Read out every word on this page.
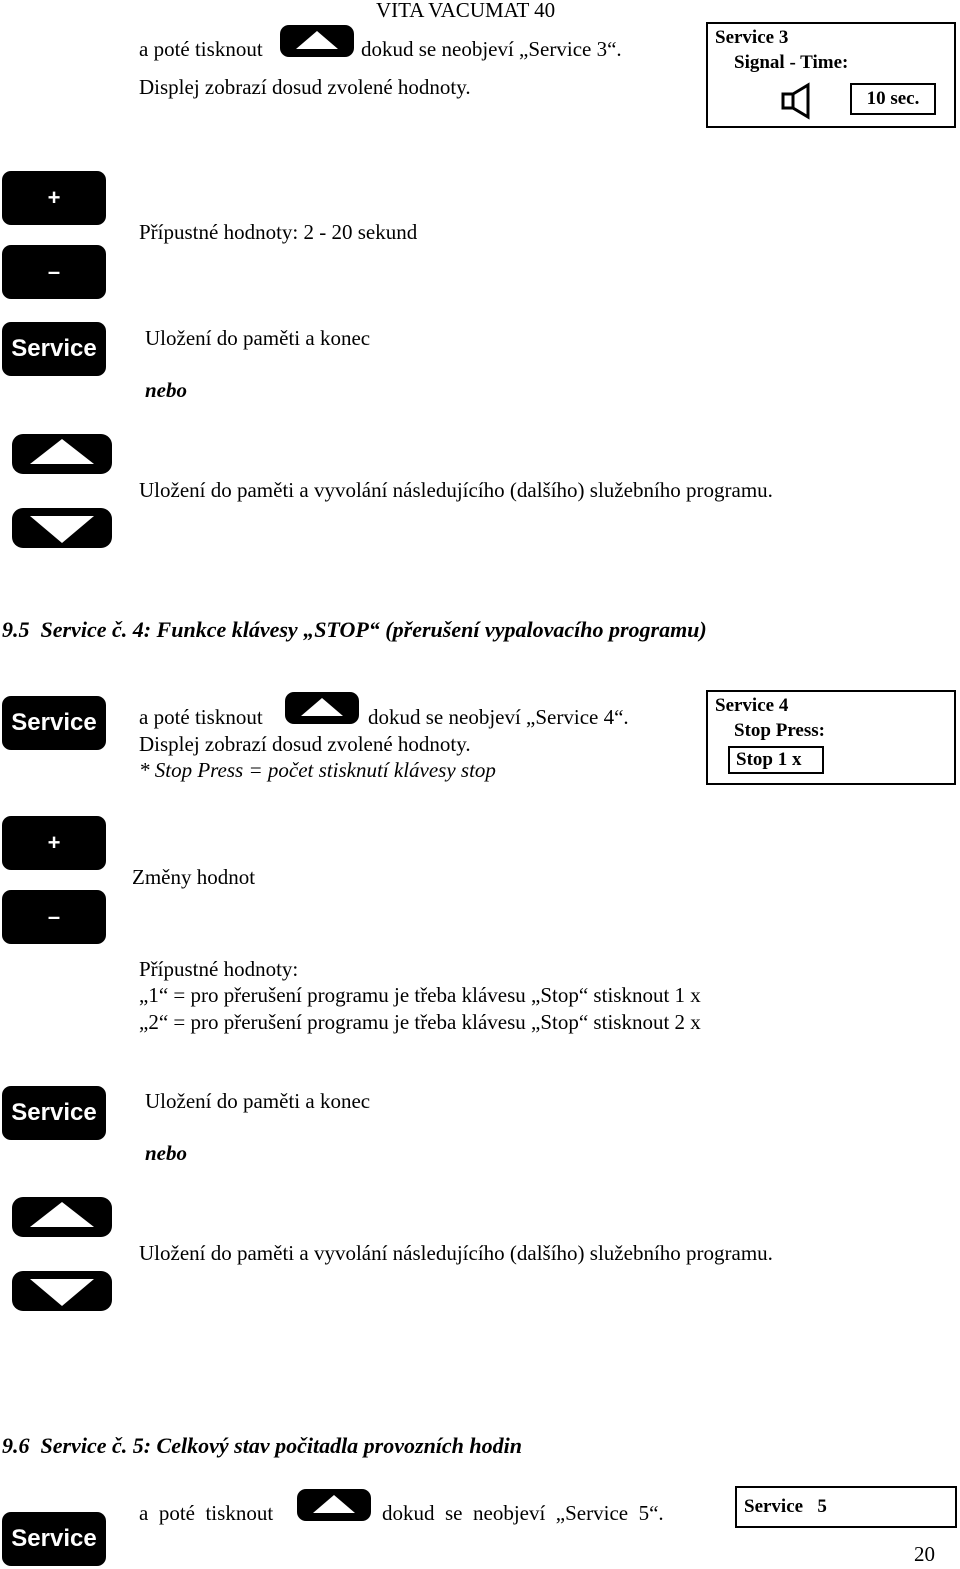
VITA VACUMAT 40
a poté tisknout	dokud se neobjeví „Service 3“.
Displej zobrazí dosud zvolené hodnoty.
Service 3
Signal - Time:
10 sec.
+
–
Přípustné hodnoty: 2 - 20 sekund
Service	Uložení do paměti a konec
nebo
Uložení do paměti a vyvolání následujícího (dalšího) služebního programu.
9.5  Service č. 4: Funkce klávesy „STOP“ (přerušení vypalovacího programu)
Service	a poté tisknout	dokud se neobjeví „Service 4“.
Displej zobrazí dosud zvolené hodnoty.
* Stop Press = počet stisknutí klávesy stop
Service 4
Stop Press:
Stop 1 x
+
–
Změny hodnot
Přípustné hodnoty:
„1“ = pro přerušení programu je třeba klávesu „Stop“ stisknout 1 x
„2“ = pro přerušení programu je třeba klávesu „Stop“ stisknout 2 x
Service	Uložení do paměti a konec
nebo
Uložení do paměti a vyvolání následujícího (dalšího) služebního programu.
9.6  Service č. 5: Celkový stav počitadla provozních hodin
Service
a  poté  tisknout	dokud  se  neobjeví  „Service  5“.	Service   5
20
